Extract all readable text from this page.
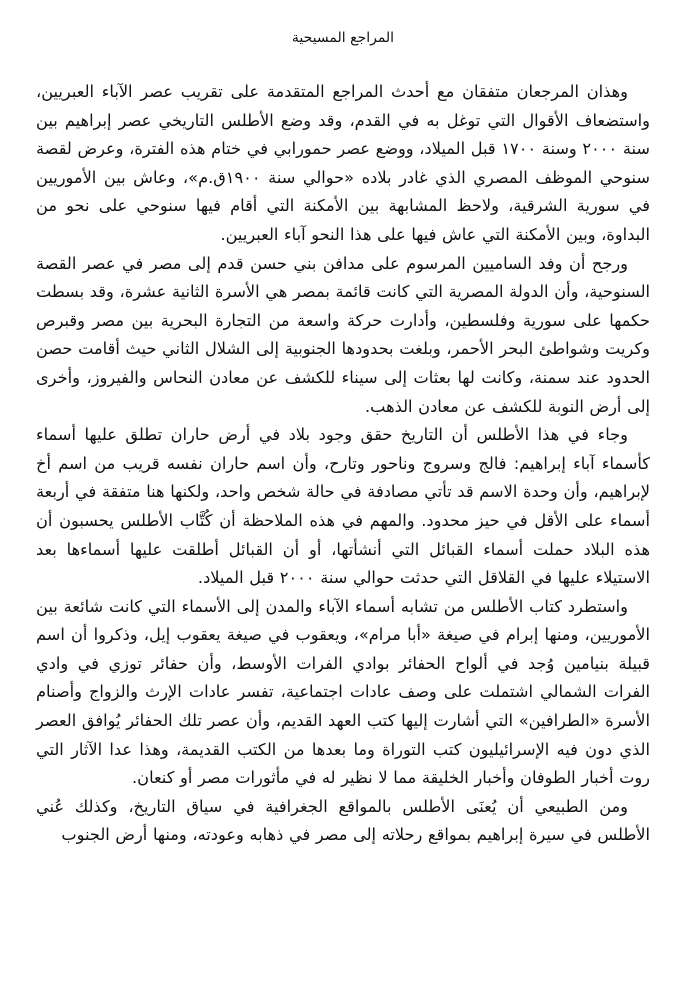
المراجع المسيحية

وهذان المرجعان متفقان مع أحدث المراجع المتقدمة على تقريب عصر الآباء العبريين، واستضعاف الأقوال التي توغل به في القدم، وقد وضع الأطلس التاريخي عصر إبراهيم بين سنة ٢٠٠٠ وسنة ١٧٠٠ قبل الميلاد، ووضع عصر حمورابي في ختام هذه الفترة، وعرض لقصة سنوحي الموظف المصري الذي غادر بلاده «حوالي سنة ١٩٠٠ق.م»، وعاش بين الأموريين في سورية الشرقية، ولاحظ المشابهة بين الأمكنة التي أقام فيها سنوحي على نحو من البداوة، وبين الأمكنة التي عاش فيها على هذا النحو آباء العبريين.

ورجح أن وفد الساميين المرسوم على مدافن بني حسن قدم إلى مصر في عصر القصة السنوحية، وأن الدولة المصرية التي كانت قائمة بمصر هي الأسرة الثانية عشرة، وقد بسطت حكمها على سورية وفلسطين، وأدارت حركة واسعة من التجارة البحرية بين مصر وقبرص وكريت وشواطئ البحر الأحمر، وبلغت بحدودها الجنوبية إلى الشلال الثاني حيث أقامت حصن الحدود عند سمنة، وكانت لها بعثات إلى سيناء للكشف عن معادن النحاس والفيروز، وأخرى إلى أرض النوبة للكشف عن معادن الذهب.

وجاء في هذا الأطلس أن التاريخ حقق وجود بلاد في أرض حاران تطلق عليها أسماء كأسماء آباء إبراهيم: فالج وسروج وناحور وتارح، وأن اسم حاران نفسه قريب من اسم أخ لإبراهيم، وأن وحدة الاسم قد تأتي مصادفة في حالة شخص واحد، ولكنها هنا متفقة في أربعة أسماء على الأقل في حيز محدود. والمهم في هذه الملاحظة أن كُتَّاب الأطلس يحسبون أن هذه البلاد حملت أسماء القبائل التي أنشأتها، أو أن القبائل أطلقت عليها أسماءها بعد الاستيلاء عليها في القلاقل التي حدثت حوالي سنة ٢٠٠٠ قبل الميلاد.

واستطرد كتاب الأطلس من تشابه أسماء الآباء والمدن إلى الأسماء التي كانت شائعة بين الأموريين، ومنها إبرام في صيغة «أبا مرام»، ويعقوب في صيغة يعقوب إيل، وذكروا أن اسم قبيلة بنيامين وُجد في ألواح الحفائر بوادي الفرات الأوسط، وأن حفائر توزي في وادي الفرات الشمالي اشتملت على وصف عادات اجتماعية، تفسر عادات الإرث والزواج وأصنام الأسرة «الطرافين» التي أشارت إليها كتب العهد القديم، وأن عصر تلك الحفائر يُوافق العصر الذي دون فيه الإسرائيليون كتب التوراة وما بعدها من الكتب القديمة، وهذا عدا الآثار التي روت أخبار الطوفان وأخبار الخليقة مما لا نظير له في مأثورات مصر أو كنعان.

ومن الطبيعي أن يُعنَى الأطلس بالمواقع الجغرافية في سياق التاريخ، وكذلك عُني الأطلس في سيرة إبراهيم بمواقع رحلاته إلى مصر في ذهابه وعودته، ومنها أرض الجنوب
